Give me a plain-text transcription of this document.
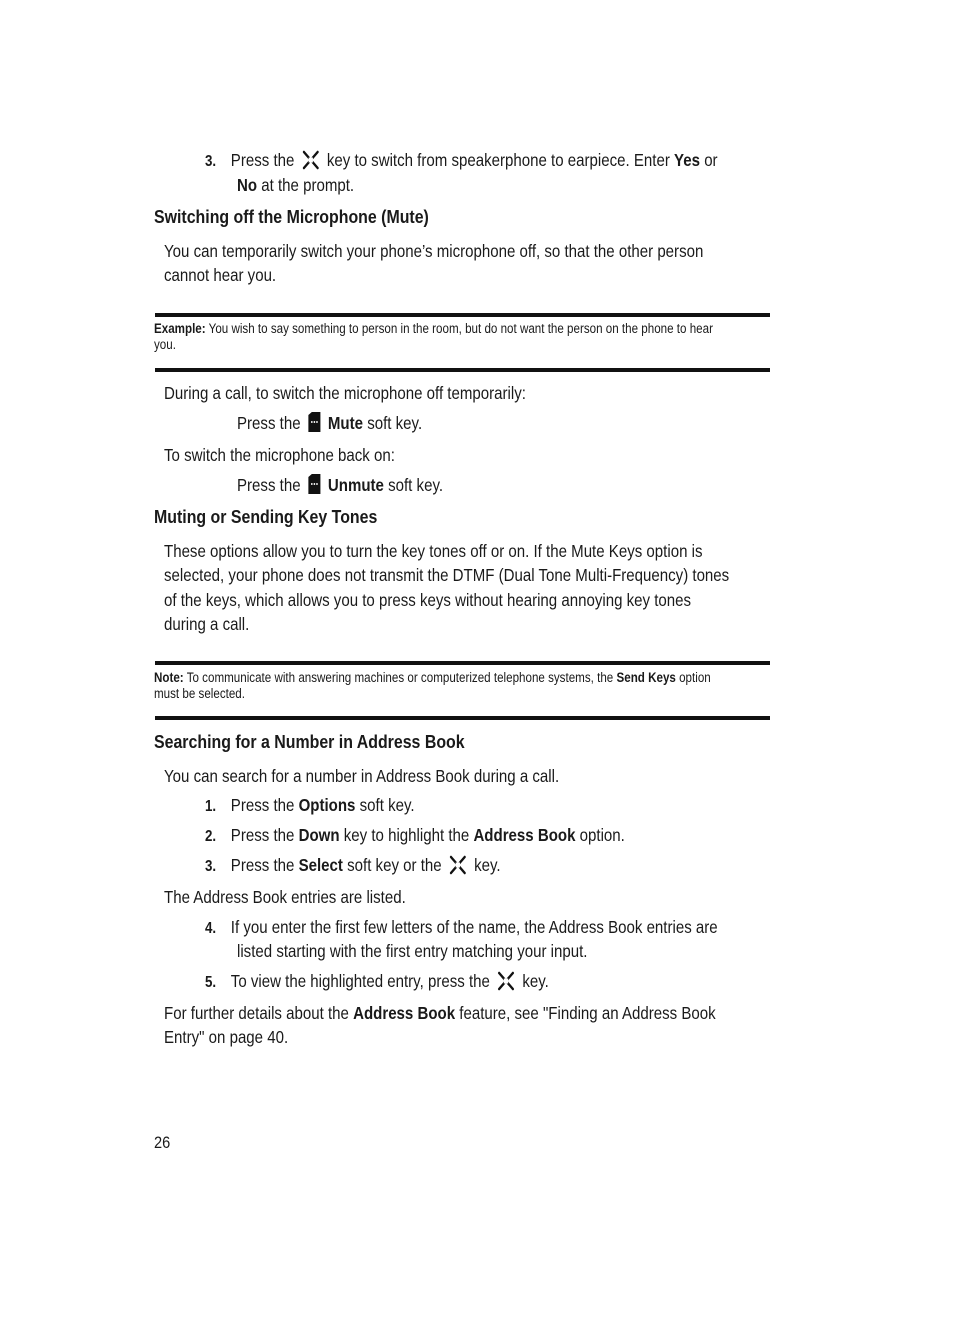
3. Press the key to switch from speakerphone to earpiece. Enter Yes or
No at the prompt.
Switching off the Microphone (Mute)
You can temporarily switch your phone’s microphone off, so that the other person
cannot hear you.
Example: You wish to say something to person in the room, but do not want the person on the phone to hear
you.
During a call, to switch the microphone off temporarily:
Press the Mute soft key.
To switch the microphone back on:
Press the Unmute soft key.
Muting or Sending Key Tones
These options allow you to turn the key tones off or on. If the Mute Keys option is
selected, your phone does not transmit the DTMF (Dual Tone Multi-Frequency) tones
of the keys, which allows you to press keys without hearing annoying key tones
during a call.
Note: To communicate with answering machines or computerized telephone systems, the Send Keys option
must be selected.
Searching for a Number in Address Book
You can search for a number in Address Book during a call.
1. Press the Options soft key.
2. Press the Down key to highlight the Address Book option.
3. Press the Select soft key or the key.
The Address Book entries are listed.
4. If you enter the first few letters of the name, the Address Book entries are
listed starting with the first entry matching your input.
5. To view the highlighted entry, press the key.
For further details about the Address Book feature, see "Finding an Address Book
Entry" on page 40.
26
